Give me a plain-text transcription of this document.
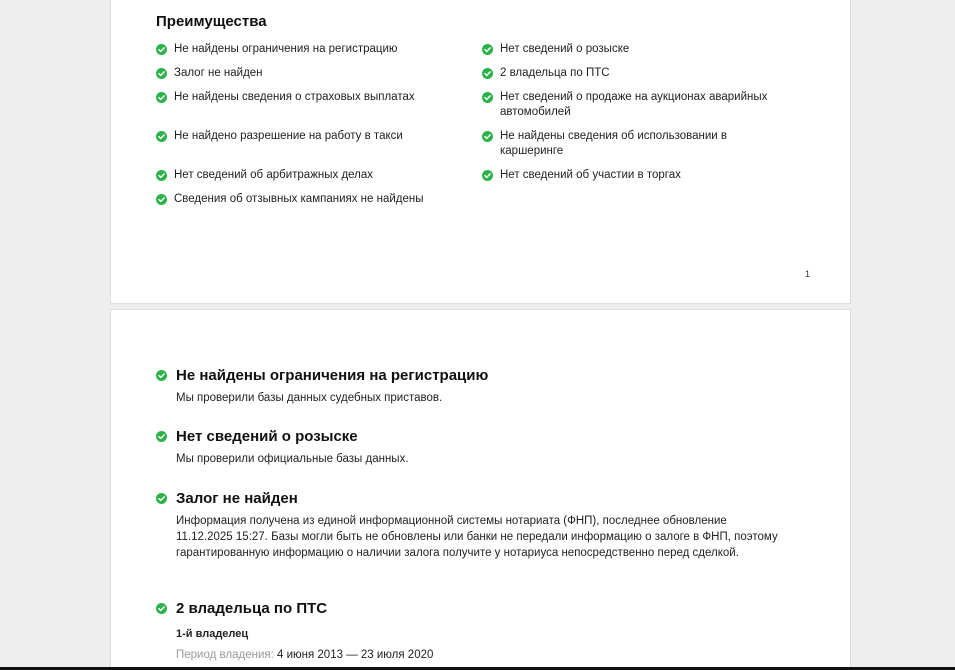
Преимущества
Не найдены ограничения на регистрацию
Залог не найден
Не найдены сведения о страховых выплатах
Не найдено разрешение на работу в такси
Нет сведений об арбитражных делах
Сведения об отзывных кампаниях не найдены
Нет сведений о розыске
2 владельца по ПТС
Нет сведений о продаже на аукционах аварийных автомобилей
Не найдены сведения об использовании в каршеринге
Нет сведений об участии в торгах
1
Не найдены ограничения на регистрацию
Мы проверили базы данных судебных приставов.
Нет сведений о розыске
Мы проверили официальные базы данных.
Залог не найден
Информация получена из единой информационной системы нотариата (ФНП), последнее обновление 11.12.2025 15:27. Базы могли быть не обновлены или банки не передали информацию о залоге в ФНП, поэтому гарантированную информацию о наличии залога получите у нотариуса непосредственно перед сделкой.
2 владельца по ПТС
1-й владелец
Период владения: 4 июня 2013 — 23 июля 2020
